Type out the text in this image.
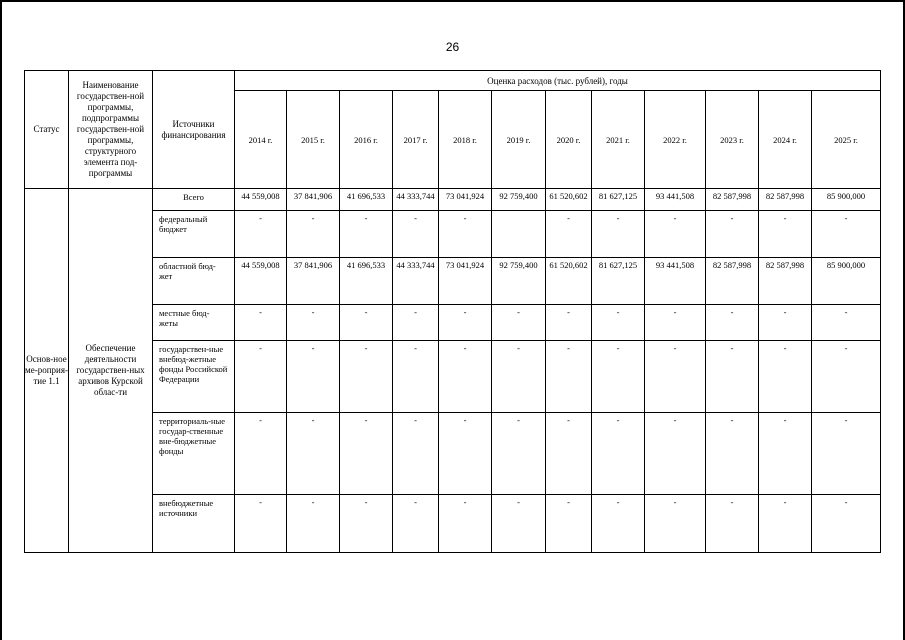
26
Статус	Наименование государствен-ной программы, подпрограммы государствен-ной программы, структурного элемента под-программы	Источники финансирования	Оценка расходов (тыс. рублей), годы											
			2014 г.	2015 г.	2016 г.	2017 г.	2018 г.	2019 г.	2020 г.	2021 г.	2022 г.	2023 г.	2024 г.	2025 г.
Основ-ное ме-роприя-тие 1.1	Обеспечение деятельности государствен-ных архивов Курской облас-ти	Всего	44 559,008	37 841,906	41 696,533	44 333,744	73 041,924	92 759,400	61 520,602	81 627,125	93 441,508	82 587,998	82 587,998	85 900,000
		федеральный бюджет	-	-	-	-	-		-	-	-	-	-	-
		областной бюд-жет	44 559,008	37 841,906	41 696,533	44 333,744	73 041,924	92 759,400	61 520,602	81 627,125	93 441,508	82 587,998	82 587,998	85 900,000
		местные бюд-жеты	-	-	-	-	-	-	-	-	-	-	-	-
		государствен-ные внебюд-жетные фонды Российской Федерации	-	-	-	-	-	-	-	-	-	-	-	-
		территориаль-ные государ-ственные вне-бюджетные фонды	-	-	-	-	-	-	-	-	-	-	-	-
		внебюджетные источники	-	-	-	-	-	-	-	-	-	-	-	-
